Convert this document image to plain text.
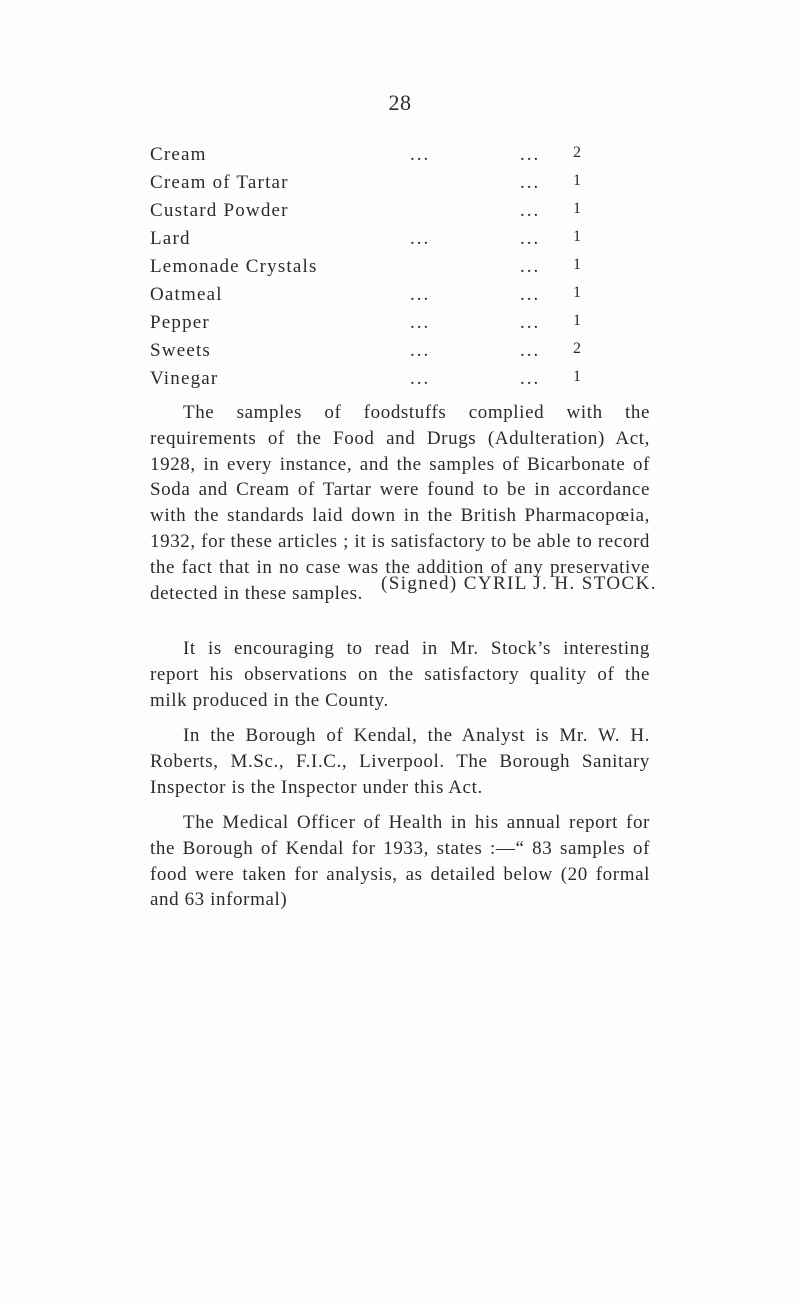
28
Cream	...	... 2
Cream of Tartar	... 1
Custard Powder	... 1
Lard	...	... 1
Lemonade Crystals	... 1
Oatmeal	...	... 1
Pepper	...	... 1
Sweets	...	... 2
Vinegar	...	... 1

The samples of foodstuffs complied with the requirements of the Food and Drugs (Adulteration) Act, 1928, in every instance, and the samples of Bicarbonate of Soda and Cream of Tartar were found to be in accordance with the standards laid down in the British Pharmacopœia, 1932, for these articles ; it is satisfactory to be able to record the fact that in no case was the addition of any preservative detected in these samples. (Signed) CYRIL J. H. STOCK.

It is encouraging to read in Mr. Stock’s interesting report his observations on the satisfactory quality of the milk produced in the County.

In the Borough of Kendal, the Analyst is Mr. W. H. Roberts, M.Sc., F.I.C., Liverpool. The Borough Sanitary Inspector is the Inspector under this Act.

The Medical Officer of Health in his annual report for the Borough of Kendal for 1933, states :—“ 83 samples of food were taken for analysis, as detailed below (20 formal and 63 informal)
